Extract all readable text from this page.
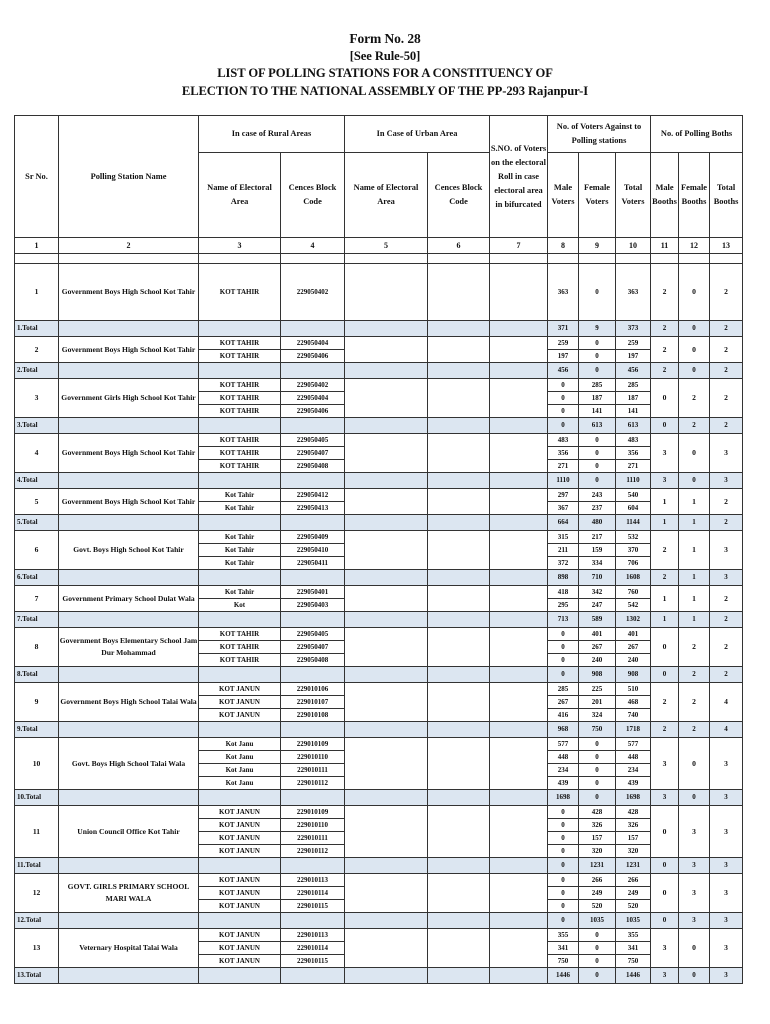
Form No. 28
[See Rule-50]
LIST OF POLLING STATIONS FOR A CONSTITUENCY OF
ELECTION TO THE NATIONAL ASSEMBLY OF THE PP-293 Rajanpur-I
Sr No.	Polling Station Name	In case of Rural Areas		In Case of Urban Area		S.NO. of Voters on the electoral Roll in case electoral area in bifurcated	No. of Voters Against to Polling stations			No. of Polling Boths		
		Name of Electoral Area	Cences Block Code	Name of Electoral Area	Cences Block Code		Male Voters	Female Voters	Total Voters	Male Booths	Female Booths	Total Booths
1	2	3	4	5	6	7	8	9	10	11	12	13

1	Government Boys High School Kot Tahir	KOT TAHIR	229050402				363	0	363	2	0	2
1.Total							371	9	373	2	0	2
2	Government Boys High School Kot Tahir	KOT TAHIR	229050404				259	0	259	2	0	2
		KOT TAHIR	229050406				197	0	197			
2.Total							456	0	456	2	0	2
3	Government Girls High School Kot Tahir	KOT TAHIR	229050402				0	285	285	0	2	2
		KOT TAHIR	229050404				0	187	187			
		KOT TAHIR	229050406				0	141	141			
3.Total							0	613	613	0	2	2
4	Government Boys High School Kot Tahir	KOT TAHIR	229050405				483	0	483	3	0	3
		KOT TAHIR	229050407				356	0	356			
		KOT TAHIR	229050408				271	0	271			
4.Total							1110	0	1110	3	0	3
5	Government Boys High School Kot Tahir	Kot Tahir	229050412				297	243	540	1	1	2
		Kot Tahir	229050413				367	237	604			
5.Total							664	480	1144	1	1	2
6	Govt. Boys High School Kot Tahir	Kot Tahir	229050409				315	217	532	2	1	3
		Kot Tahir	229050410				211	159	370			
		Kot Tahir	229050411				372	334	706			
6.Total							898	710	1608	2	1	3
7	Government Primary School Dulat Wala	Kot Tahir	229050401				418	342	760	1	1	2
		Kot	229050403				295	247	542			
7.Total							713	589	1302	1	1	2
8	Government Boys Elementary School Jam Dur Mohammad	KOT TAHIR	229050405				0	401	401	0	2	2
		KOT TAHIR	229050407				0	267	267			
		KOT TAHIR	229050408				0	240	240			
8.Total							0	908	908	0	2	2
9	Government Boys High School Talai Wala	KOT JANUN	229010106				285	225	510	2	2	4
		KOT JANUN	229010107				267	201	468			
		KOT JANUN	229010108				416	324	740			
9.Total							968	750	1718	2	2	4
10	Govt. Boys High School Talai Wala	Kot Janu	229010109				577	0	577	3	0	3
		Kot Janu	229010110				448	0	448			
		Kot Janu	229010111				234	0	234			
		Kot Janu	229010112				439	0	439			
10.Total							1698	0	1698	3	0	3
11	Union Council Office Kot Tahir	KOT JANUN	229010109				0	428	428	0	3	3
		KOT JANUN	229010110				0	326	326			
		KOT JANUN	229010111				0	157	157			
		KOT JANUN	229010112				0	320	320			
11.Total							0	1231	1231	0	3	3
12	GOVT. GIRLS PRIMARY SCHOOL MARI WALA	KOT JANUN	229010113				0	266	266	0	3	3
		KOT JANUN	229010114				0	249	249			
		KOT JANUN	229010115				0	520	520			
12.Total							0	1035	1035	0	3	3
13	Veternary Hospital Talai Wala	KOT JANUN	229010113				355	0	355	3	0	3
		KOT JANUN	229010114				341	0	341			
		KOT JANUN	229010115				750	0	750			
13.Total							1446	0	1446	3	0	3
